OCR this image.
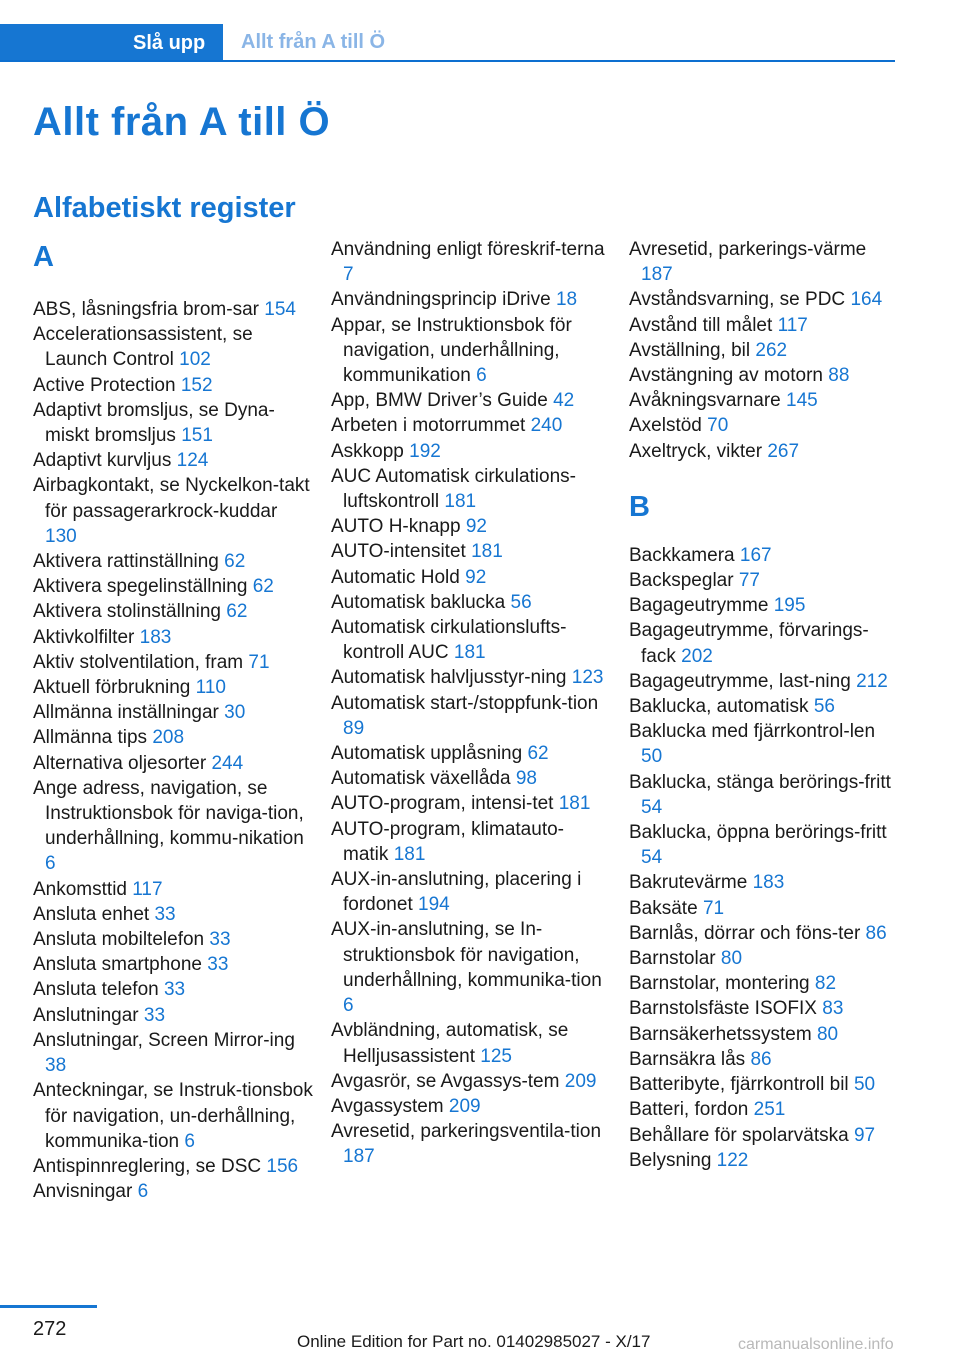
Slå upp	Allt från A till Ö
Allt från A till Ö
Alfabetiskt register
A
ABS, låsningsfria brom-sar 154
Accelerationsassistent, se Launch Control 102
Active Protection 152
Adaptivt bromsljus, se Dyna-miskt bromsljus 151
Adaptivt kurvljus 124
Airbagkontakt, se Nyckelkon-takt för passagerarkrock-kuddar 130
Aktivera rattinställning 62
Aktivera spegelinställning 62
Aktivera stolinställning 62
Aktivkolfilter 183
Aktiv stolventilation, fram 71
Aktuell förbrukning 110
Allmänna inställningar 30
Allmänna tips 208
Alternativa oljesorter 244
Ange adress, navigation, se Instruktionsbok för naviga-tion, underhållning, kommu-nikation 6
Ankomsttid 117
Ansluta enhet 33
Ansluta mobiltelefon 33
Ansluta smartphone 33
Ansluta telefon 33
Anslutningar 33
Anslutningar, Screen Mirror-ing 38
Anteckningar, se Instruk-tionsbok för navigation, un-derhållning, kommunika-tion 6
Antispinnreglering, se DSC 156
Anvisningar 6
Användning enligt föreskrif-terna 7
Användningsprincip iDrive 18
Appar, se Instruktionsbok för navigation, underhållning, kommunikation 6
App, BMW Driver’s Guide 42
Arbeten i motorrummet 240
Askkopp 192
AUC Automatisk cirkulations-luftskontroll 181
AUTO H-knapp 92
AUTO-intensitet 181
Automatic Hold 92
Automatisk baklucka 56
Automatisk cirkulationslufts-kontroll AUC 181
Automatisk halvljusstyr-ning 123
Automatisk start-/stoppfunk-tion 89
Automatisk upplåsning 62
Automatisk växellåda 98
AUTO-program, intensi-tet 181
AUTO-program, klimatauto-matik 181
AUX-in-anslutning, placering i fordonet 194
AUX-in-anslutning, se In-struktionsbok för navigation, underhållning, kommunika-tion 6
Avbländning, automatisk, se Helljusassistent 125
Avgasrör, se Avgassys-tem 209
Avgassystem 209
Avresetid, parkeringsventila-tion 187
Avresetid, parkerings-värme 187
Avståndsvarning, se PDC 164
Avstånd till målet 117
Avställning, bil 262
Avstängning av motorn 88
Avåkningsvarnare 145
Axelstöd 70
Axeltryck, vikter 267
B
Backkamera 167
Backspeglar 77
Bagageutrymme 195
Bagageutrymme, förvarings-fack 202
Bagageutrymme, last-ning 212
Baklucka, automatisk 56
Baklucka med fjärrkontrol-len 50
Baklucka, stänga berörings-fritt 54
Baklucka, öppna berörings-fritt 54
Bakrutevärme 183
Baksäte 71
Barnlås, dörrar och föns-ter 86
Barnstolar 80
Barnstolar, montering 82
Barnstolsfäste ISOFIX 83
Barnsäkerhetssystem 80
Barnsäkra lås 86
Batteribyte, fjärrkontroll bil 50
Batteri, fordon 251
Behållare för spolarvätska 97
Belysning 122
272
Online Edition for Part no. 01402985027 - X/17	carmanualsonline.info
